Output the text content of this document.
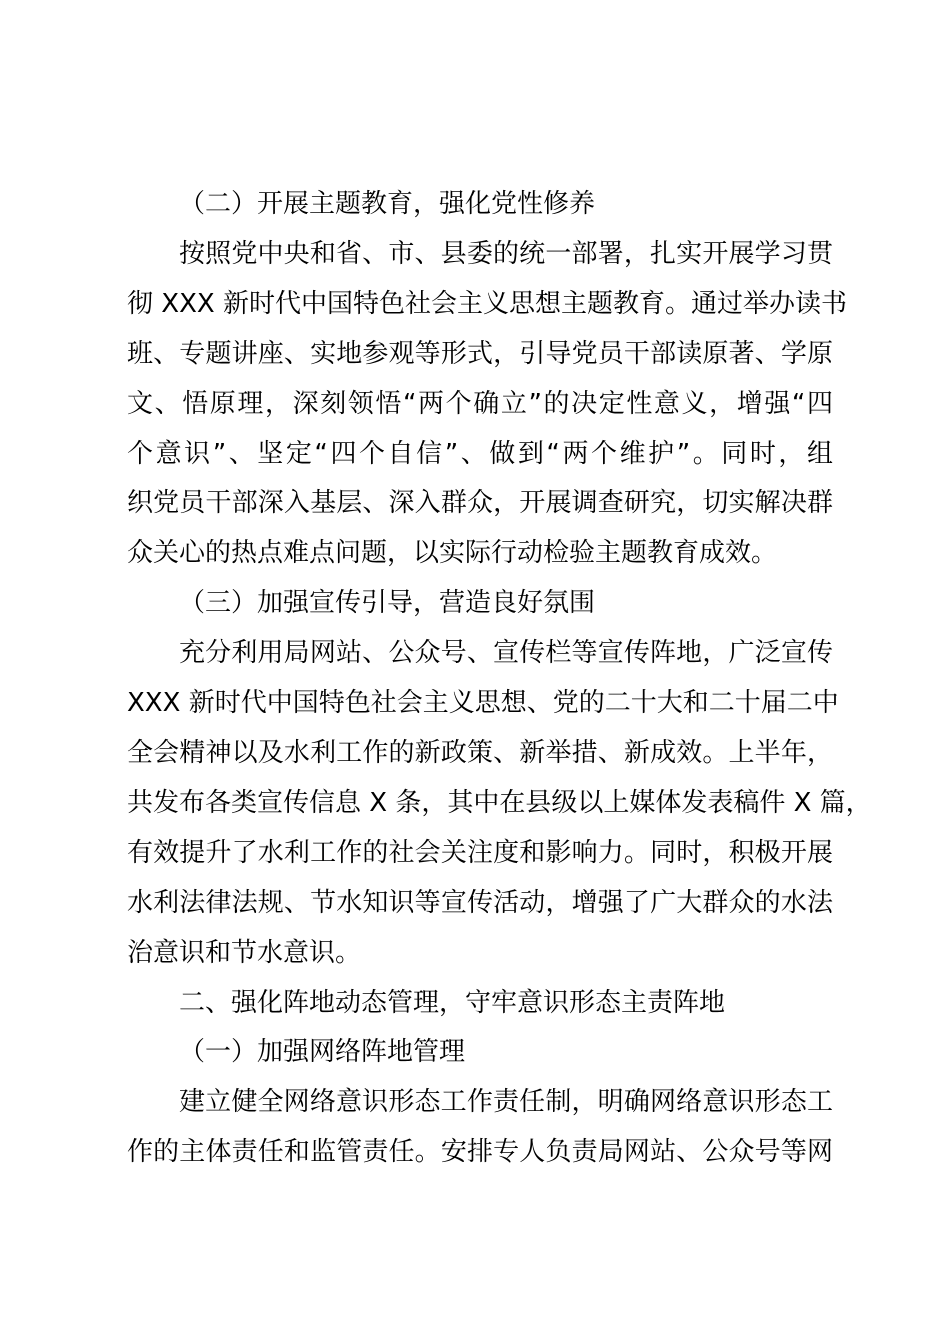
（二）开展主题教育，强化党性修养

按照党中央和省、市、县委的统一部署，扎实开展学习贯
彻 XXX 新时代中国特色社会主义思想主题教育。通过举办读书
班、专题讲座、实地参观等形式，引导党员干部读原著、学原
文、悟原理，深刻领悟“两个确立”的决定性意义，增强“四
个意识”、坚定“四个自信”、做到“两个维护”。同时，组
织党员干部深入基层、深入群众，开展调查研究，切实解决群
众关心的热点难点问题，以实际行动检验主题教育成效。

（三）加强宣传引导，营造良好氛围

充分利用局网站、公众号、宣传栏等宣传阵地，广泛宣传
XXX 新时代中国特色社会主义思想、党的二十大和二十届二中
全会精神以及水利工作的新政策、新举措、新成效。上半年，
共发布各类宣传信息 X 条，其中在县级以上媒体发表稿件 X 篇，
有效提升了水利工作的社会关注度和影响力。同时，积极开展
水利法律法规、节水知识等宣传活动，增强了广大群众的水法
治意识和节水意识。

二、强化阵地动态管理，守牢意识形态主责阵地

（一）加强网络阵地管理

建立健全网络意识形态工作责任制，明确网络意识形态工
作的主体责任和监管责任。安排专人负责局网站、公众号等网
